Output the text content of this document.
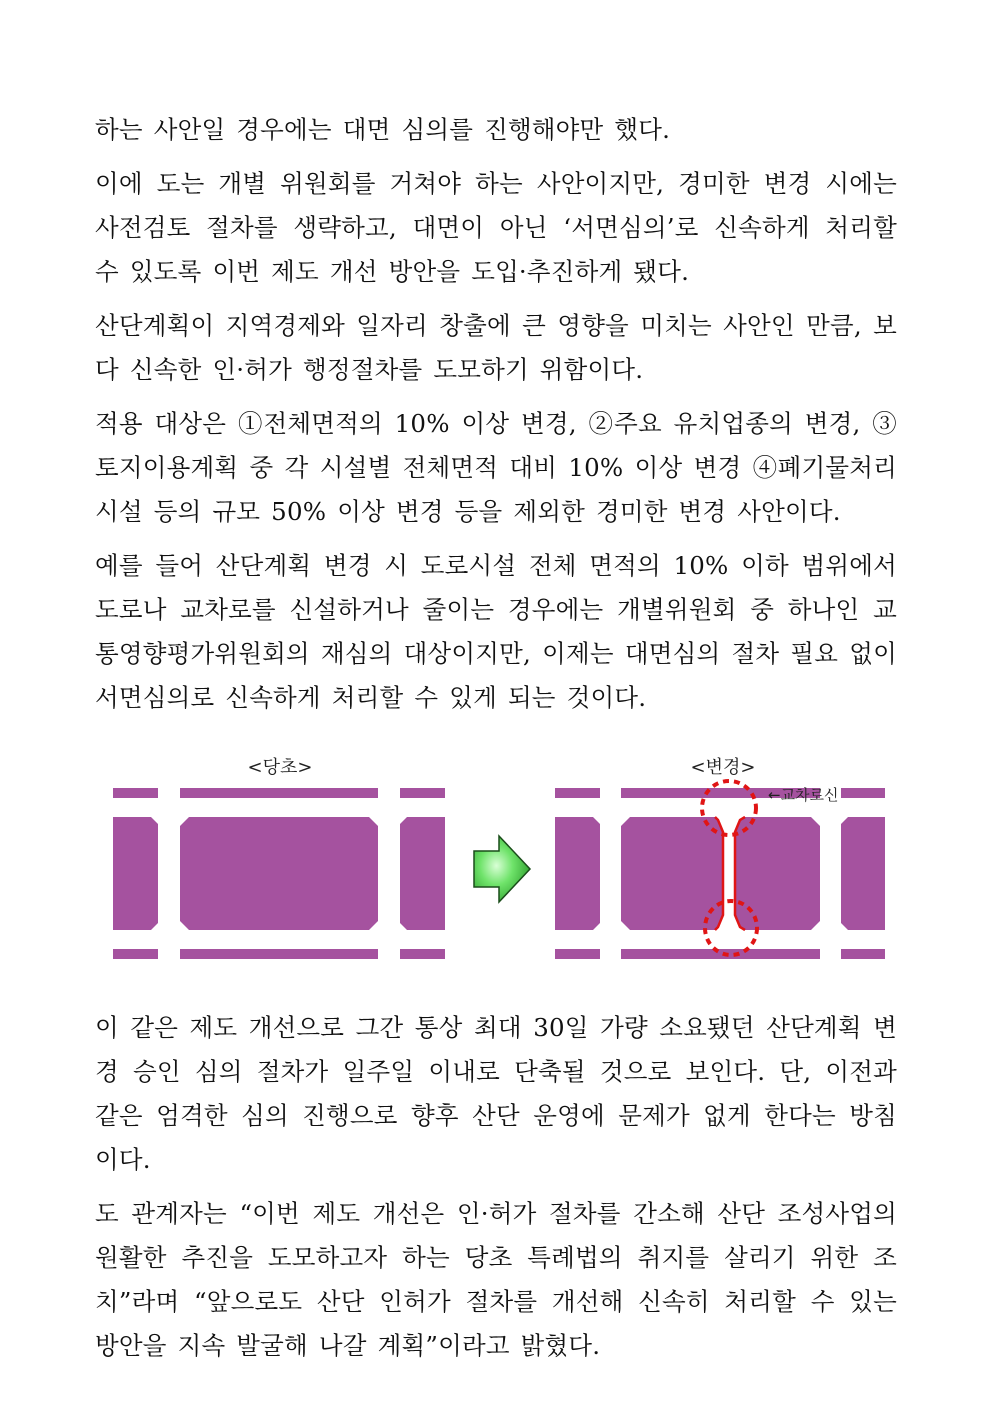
하는 사안일 경우에는 대면 심의를 진행해야만 했다.

이에 도는 개별 위원회를 거쳐야 하는 사안이지만, 경미한 변경 시에는 사전검토 절차를 생략하고, 대면이 아닌 ‘서면심의’로 신속하게 처리할 수 있도록 이번 제도 개선 방안을 도입·추진하게 됐다.

산단계획이 지역경제와 일자리 창출에 큰 영향을 미치는 사안인 만큼, 보다 신속한 인·허가 행정절차를 도모하기 위함이다.

적용 대상은 ①전체면적의 10% 이상 변경, ②주요 유치업종의 변경, ③토지이용계획 중 각 시설별 전체면적 대비 10% 이상 변경 ④폐기물처리시설 등의 규모 50% 이상 변경 등을 제외한 경미한 변경 사안이다.

예를 들어 산단계획 변경 시 도로시설 전체 면적의 10% 이하 범위에서 도로나 교차로를 신설하거나 줄이는 경우에는 개별위원회 중 하나인 교통영향평가위원회의 재심의 대상이지만, 이제는 대면심의 절차 필요 없이 서면심의로 신속하게 처리할 수 있게 되는 것이다.

<당초>	<변경>
←교차로신

이 같은 제도 개선으로 그간 통상 최대 30일 가량 소요됐던 산단계획 변경 승인 심의 절차가 일주일 이내로 단축될 것으로 보인다. 단, 이전과 같은 엄격한 심의 진행으로 향후 산단 운영에 문제가 없게 한다는 방침이다.

도 관계자는 “이번 제도 개선은 인·허가 절차를 간소해 산단 조성사업의 원활한 추진을 도모하고자 하는 당초 특례법의 취지를 살리기 위한 조치”라며 “앞으로도 산단 인허가 절차를 개선해 신속히 처리할 수 있는 방안을 지속 발굴해 나갈 계획”이라고 밝혔다.
